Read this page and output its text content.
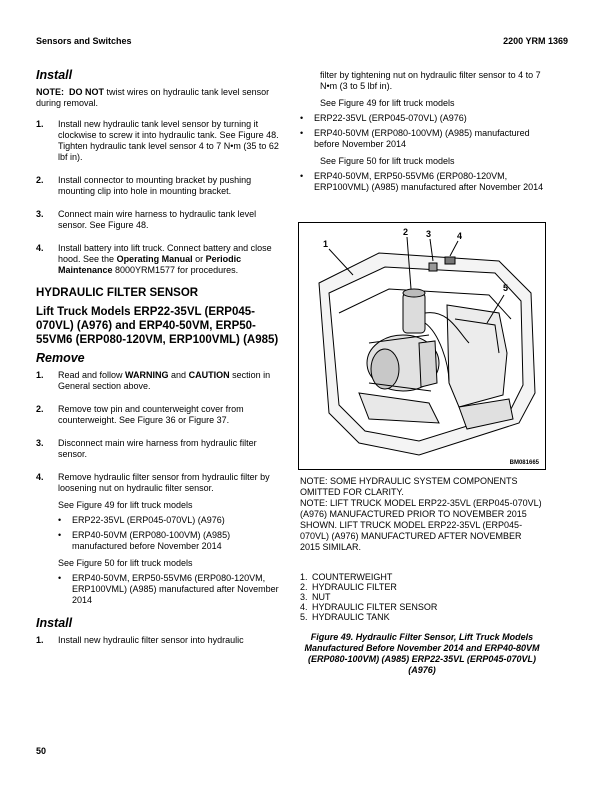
Sensors and Switches	2200 YRM 1369
Install

NOTE: DO NOT twist wires on hydraulic tank level sensor during removal.

1. Install new hydraulic tank level sensor by turning it clockwise to screw it into hydraulic tank. See Figure 48. Tighten hydraulic tank level sensor 4 to 7 N•m (35 to 62 lbf in).
2. Install connector to mounting bracket by pushing mounting clip into hole in mounting bracket.
3. Connect main wire harness to hydraulic tank level sensor. See Figure 48.
4. Install battery into lift truck. Connect battery and close hood. See the Operating Manual or Periodic Maintenance 8000YRM1577 for procedures.
HYDRAULIC FILTER SENSOR
Lift Truck Models ERP22-35VL (ERP045-070VL) (A976) and ERP40-50VM, ERP50-55VM6 (ERP080-120VM, ERP100VML) (A985)
Remove
1. Read and follow WARNING and CAUTION section in General section above.
2. Remove tow pin and counterweight cover from counterweight. See Figure 36 or Figure 37.
3. Disconnect main wire harness from hydraulic filter sensor.
4. Remove hydraulic filter sensor from hydraulic filter by loosening nut on hydraulic filter sensor.
See Figure 49 for lift truck models
• ERP22-35VL (ERP045-070VL) (A976)
• ERP40-50VM (ERP080-100VM) (A985) manufactured before November 2014
See Figure 50 for lift truck models
• ERP40-50VM, ERP50-55VM6 (ERP080-120VM, ERP100VML) (A985) manufactured after November 2014
Install
1. Install new hydraulic filter sensor into hydraulic

filter by tightening nut on hydraulic filter sensor to 4 to 7 N•m (3 to 5 lbf in).

See Figure 49 for lift truck models
• ERP22-35VL (ERP045-070VL) (A976)
• ERP40-50VM (ERP080-100VM) (A985) manufactured before November 2014
See Figure 50 for lift truck models
• ERP40-50VM, ERP50-55VM6 (ERP080-120VM, ERP100VML) (A985) manufactured after November 2014
1
2 3	4
5
BM081665

NOTE: SOME HYDRAULIC SYSTEM COMPONENTS OMITTED FOR CLARITY.

NOTE: LIFT TRUCK MODEL ERP22-35VL (ERP045-070VL) (A976) MANUFACTURED PRIOR TO NOVEMBER 2015 SHOWN. LIFT TRUCK MODEL ERP22-35VL (ERP045-070VL) (A976) MANUFACTURED AFTER NOVEMBER 2015 SIMILAR.

1. COUNTERWEIGHT
2. HYDRAULIC FILTER
3. NUT
4. HYDRAULIC FILTER SENSOR
5. HYDRAULIC TANK
Figure 49. Hydraulic Filter Sensor, Lift Truck Models Manufactured Before November 2014 and ERP40-80VM (ERP080-100VM) (A985) ERP22-35VL (ERP045-070VL) (A976)
50
